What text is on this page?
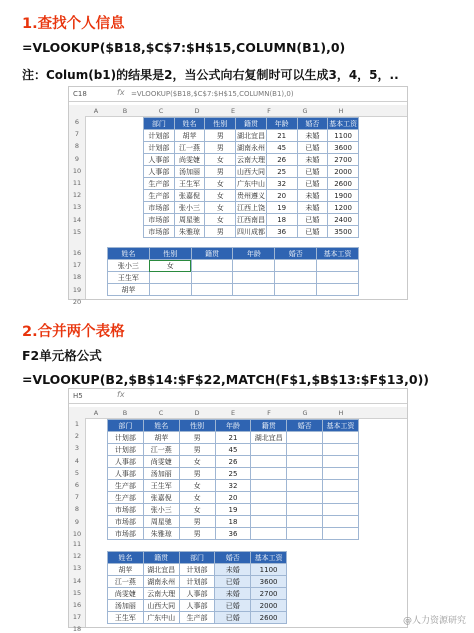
1.查找个人信息
=VLOOKUP($B18,$C$7:$H$15,COLUMN(B1),0)
注：Colum(b1)的结果是2，当公式向右复制时可以生成3，4，5，..
C18	fx =VLOOKUP($B18,$C$7:$H$15,COLUMN(B1),0)
A	B	C	D	E	F	G	H
6
7
8
9
10
11
12
13
14
15
16
17
18
19
20
	部门	姓名	性别	籍贯	年龄	婚否	基本工资
	计划部	胡苹	男	湖北宜昌	21	未婚	1100
	计划部	江一燕	男	湖南永州	45	已婚	3600
	人事部	尚雯婕	女	云南大理	26	未婚	2700
	人事部	汤加丽	男	山西大同	25	已婚	2000
	生产部	王生军	女	广东中山	32	已婚	2600
	生产部	张嘉倪	女	贵州遵义	20	未婚	1900
	市场部	张小三	女	江西上饶	19	未婚	1200
	市场部	周星驰	女	江西南昌	18	已婚	2400
	市场部	朱雅琼	男	四川成都	36	已婚	3500
姓名	性别	籍贯	年龄	婚否	基本工资
张小三	女				
王生军					
胡苹					
2.合并两个表格
F2单元格公式
=VLOOKUP(B2,$B$14:$F$22,MATCH(F$1,$B$13:$F$13,0))
H5	fx
A	B	C	D	E	F	G	H
1
2
3
4
5
6
7
8
9
10
11
12
13
14
15
16
17
18
部门	姓名	性别	年龄	籍贯	婚否	基本工资
计划部	胡苹	男	21	湖北宜昌		
计划部	江一燕	男	45			
人事部	尚雯婕	女	26			
人事部	汤加丽	男	25			
生产部	王生军	女	32			
生产部	张嘉倪	女	20			
市场部	张小三	女	19			
市场部	周星驰	男	18			
市场部	朱雅琼	男	36			
姓名	籍贯	部门	婚否	基本工资
胡苹	湖北宜昌	计划部	未婚	1100
江一燕	湖南永州	计划部	已婚	3600
尚雯婕	云南大理	人事部	未婚	2700
汤加丽	山西大同	人事部	已婚	2000
王生军	广东中山	生产部	已婚	2600	@人力资源研究
